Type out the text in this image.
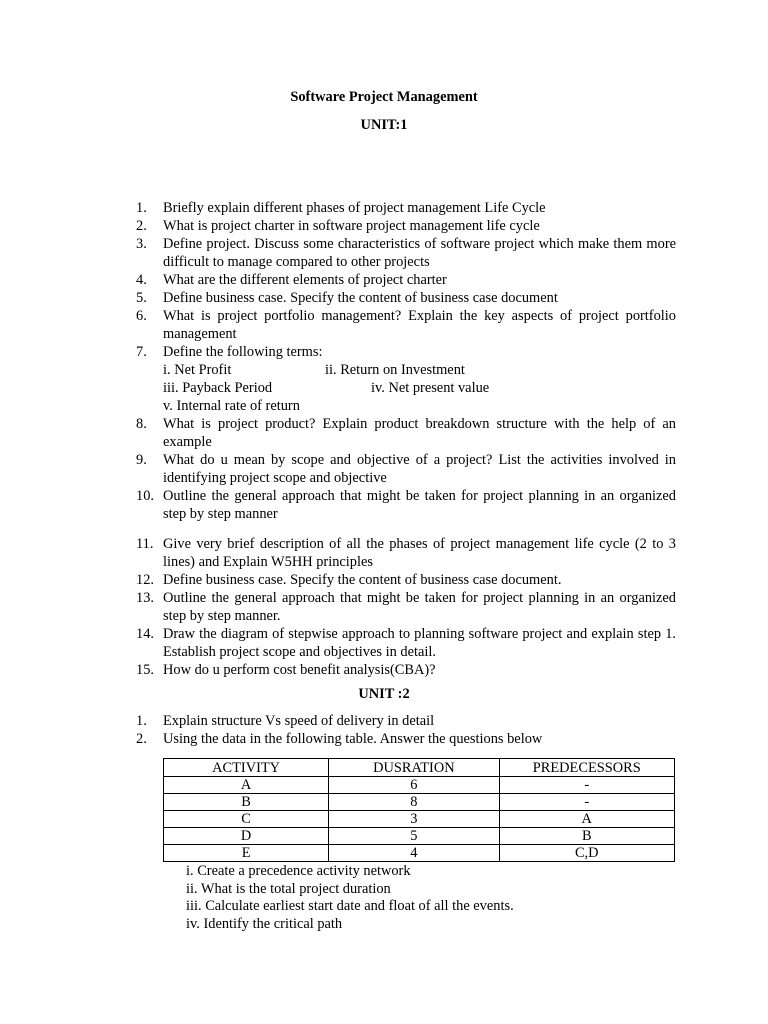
Software Project Management
UNIT:1
1. Briefly explain different phases of project management Life Cycle
2. What is project charter in software project management life cycle
3. Define project. Discuss some characteristics of software project which make them more difficult to manage compared to other projects
4. What are the different elements of project charter
5. Define business case. Specify the content of business case document
6. What is project portfolio management? Explain the key aspects of project portfolio management
7. Define the following terms:
i. Net Profit	ii. Return on Investment
iii. Payback Period	iv. Net present value
v. Internal rate of return
8. What is project product? Explain product breakdown structure with the help of an example
9. What do u mean by scope and objective of a project? List the activities involved in identifying project scope and objective
10. Outline the general approach that might be taken for project planning in an organized step by step manner
11. Give very brief description of all the phases of project management life cycle (2 to 3 lines) and Explain W5HH principles
12. Define business case. Specify the content of business case document.
13. Outline the general approach that might be taken for project planning in an organized step by step manner.
14. Draw the diagram of stepwise approach to planning software project and explain step 1. Establish project scope and objectives in detail.
15. How do u perform cost benefit analysis(CBA)?
UNIT :2
1. Explain structure Vs speed of delivery in detail
2. Using the data in the following table. Answer the questions below
ACTIVITY	DUSRATION	PREDECESSORS
A	6	-
B	8	-
C	3	A
D	5	B
E	4	C,D
i. Create a precedence activity network
ii. What is the total project duration
iii. Calculate earliest start date and float of all the events.
iv. Identify the critical path
